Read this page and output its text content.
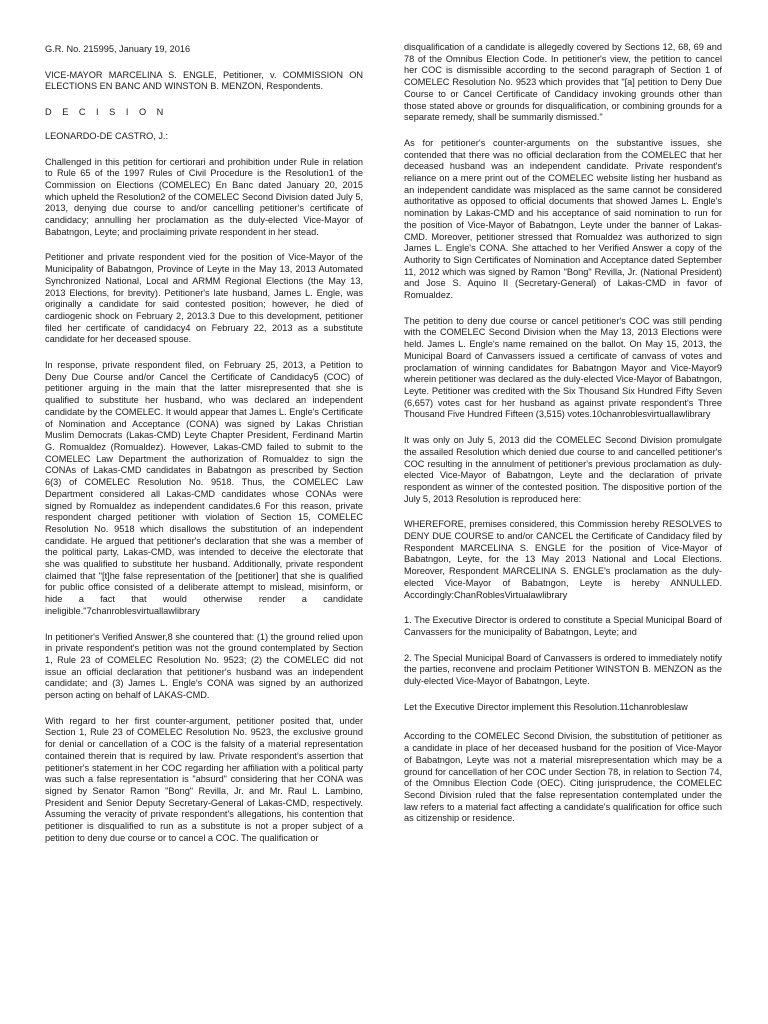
G.R. No. 215995, January 19, 2016

VICE-MAYOR MARCELINA S. ENGLE, Petitioner, v. COMMISSION ON ELECTIONS EN BANC AND WINSTON B. MENZON, Respondents.

D E C I S I O N

LEONARDO-DE CASTRO, J.:

Challenged in this petition for certiorari and prohibition under Rule in relation to Rule 65 of the 1997 Rules of Civil Procedure is the Resolution1 of the Commission on Elections (COMELEC) En Banc dated January 20, 2015 which upheld the Resolution2 of the COMELEC Second Division dated July 5, 2013, denying due course to and/or cancelling petitioner's certificate of candidacy; annulling her proclamation as the duly-elected Vice-Mayor of Babatngon, Leyte; and proclaiming private respondent in her stead.

Petitioner and private respondent vied for the position of Vice-Mayor of the Municipality of Babatngon, Province of Leyte in the May 13, 2013 Automated Synchronized National, Local and ARMM Regional Elections (the May 13, 2013 Elections, for brevity). Petitioner's late husband, James L. Engle, was originally a candidate for said contested position; however, he died of cardiogenic shock on February 2, 2013.3 Due to this development, petitioner filed her certificate of candidacy4 on February 22, 2013 as a substitute candidate for her deceased spouse.

In response, private respondent filed, on February 25, 2013, a Petition to Deny Due Course and/or Cancel the Certificate of Candidacy5 (COC) of petitioner arguing in the main that the latter misrepresented that she is qualified to substitute her husband, who was declared an independent candidate by the COMELEC. It would appear that James L. Engle's Certificate of Nomination and Acceptance (CONA) was signed by Lakas Christian Muslim Democrats (Lakas-CMD) Leyte Chapter President, Ferdinand Martin G. Romualdez (Romualdez). However, Lakas-CMD failed to submit to the COMELEC Law Department the authorization of Romualdez to sign the CONAs of Lakas-CMD candidates in Babatngon as prescribed by Section 6(3) of COMELEC Resolution No. 9518. Thus, the COMELEC Law Department considered all Lakas-CMD candidates whose CONAs were signed by Romualdez as independent candidates.6 For this reason, private respondent charged petitioner with violation of Section 15, COMELEC Resolution No. 9518 which disallows the substitution of an independent candidate. He argued that petitioner's declaration that she was a member of the political party, Lakas-CMD, was intended to deceive the electorate that she was qualified to substitute her husband. Additionally, private respondent claimed that "[t]he false representation of the [petitioner] that she is qualified for public office consisted of a deliberate attempt to mislead, misinform, or hide a fact that would otherwise render a candidate ineligible."7chanroblesvirtuallawlibrary

In petitioner's Verified Answer,8 she countered that: (1) the ground relied upon in private respondent's petition was not the ground contemplated by Section 1, Rule 23 of COMELEC Resolution No. 9523; (2) the COMELEC did not issue an official declaration that petitioner's husband was an independent candidate; and (3) James L. Engle's CONA was signed by an authorized person acting on behalf of LAKAS-CMD.

With regard to her first counter-argument, petitioner posited that, under Section 1, Rule 23 of COMELEC Resolution No. 9523, the exclusive ground for denial or cancellation of a COC is the falsity of a material representation contained therein that is required by law. Private respondent's assertion that petitioner's statement in her COC regarding her affiliation with a political party was such a false representation is "absurd" considering that her CONA was signed by Senator Ramon "Bong" Revilla, Jr. and Mr. Raul L. Lambino, President and Senior Deputy Secretary-General of Lakas-CMD, respectively. Assuming the veracity of private respondent's allegations, his contention that petitioner is disqualified to run as a substitute is not a proper subject of a petition to deny due course or to cancel a COC. The qualification or

disqualification of a candidate is allegedly covered by Sections 12, 68, 69 and 78 of the Omnibus Election Code. In petitioner's view, the petition to cancel her COC is dismissible according to the second paragraph of Section 1 of COMELEC Resolution No. 9523 which provides that "[a] petition to Deny Due Course to or Cancel Certificate of Candidacy invoking grounds other than those stated above or grounds for disqualification, or combining grounds for a separate remedy, shall be summarily dismissed."

As for petitioner's counter-arguments on the substantive issues, she contended that there was no official declaration from the COMELEC that her deceased husband was an independent candidate. Private respondent's reliance on a mere print out of the COMELEC website listing her husband as an independent candidate was misplaced as the same cannot be considered authoritative as opposed to official documents that showed James L. Engle's nomination by Lakas-CMD and his acceptance of said nomination to run for the position of Vice-Mayor of Babatngon, Leyte under the banner of Lakas-CMD. Moreover, petitioner stressed that Romualdez was authorized to sign James L. Engle's CONA. She attached to her Verified Answer a copy of the Authority to Sign Certificates of Nomination and Acceptance dated September 11, 2012 which was signed by Ramon "Bong" Revilla, Jr. (National President) and Jose S. Aquino II (Secretary-General) of Lakas-CMD in favor of Romualdez.

The petition to deny due course or cancel petitioner's COC was still pending with the COMELEC Second Division when the May 13, 2013 Elections were held. James L. Engle's name remained on the ballot. On May 15, 2013, the Municipal Board of Canvassers issued a certificate of canvass of votes and proclamation of winning candidates for Babatngon Mayor and Vice-Mayor9 wherein petitioner was declared as the duly-elected Vice-Mayor of Babatngon, Leyte. Petitioner was credited with the Six Thousand Six Hundred Fifty Seven (6,657) votes cast for her husband as against private respondent's Three Thousand Five Hundred Fifteen (3,515) votes.10chanroblesvirtuallawlibrary

It was only on July 5, 2013 did the COMELEC Second Division promulgate the assailed Resolution which denied due course to and cancelled petitioner's COC resulting in the annulment of petitioner's previous proclamation as duly-elected Vice-Mayor of Babatngon, Leyte and the declaration of private respondent as winner of the contested position. The dispositive portion of the July 5, 2013 Resolution is reproduced here:

WHEREFORE, premises considered, this Commission hereby RESOLVES to DENY DUE COURSE to and/or CANCEL the Certificate of Candidacy filed by Respondent MARCELINA S. ENGLE for the position of Vice-Mayor of Babatngon, Leyte, for the 13 May 2013 National and Local Elections. Moreover, Respondent MARCELINA S. ENGLE's proclamation as the duly-elected Vice-Mayor of Babatngon, Leyte is hereby ANNULLED. Accordingly:ChanRoblesVirtualawlibrary

1. The Executive Director is ordered to constitute a Special Municipal Board of Canvassers for the municipality of Babatngon, Leyte; and

2. The Special Municipal Board of Canvassers is ordered to immediately notify the parties, reconvene and proclaim Petitioner WINSTON B. MENZON as the duly-elected Vice-Mayor of Babatngon, Leyte.

Let the Executive Director implement this Resolution.11chanrobleslaw

According to the COMELEC Second Division, the substitution of petitioner as a candidate in place of her deceased husband for the position of Vice-Mayor of Babatngon, Leyte was not a material misrepresentation which may be a ground for cancellation of her COC under Section 78, in relation to Section 74, of the Omnibus Election Code (OEC). Citing jurisprudence, the COMELEC Second Division ruled that the false representation contemplated under the law refers to a material fact affecting a candidate's qualification for office such as citizenship or residence.
